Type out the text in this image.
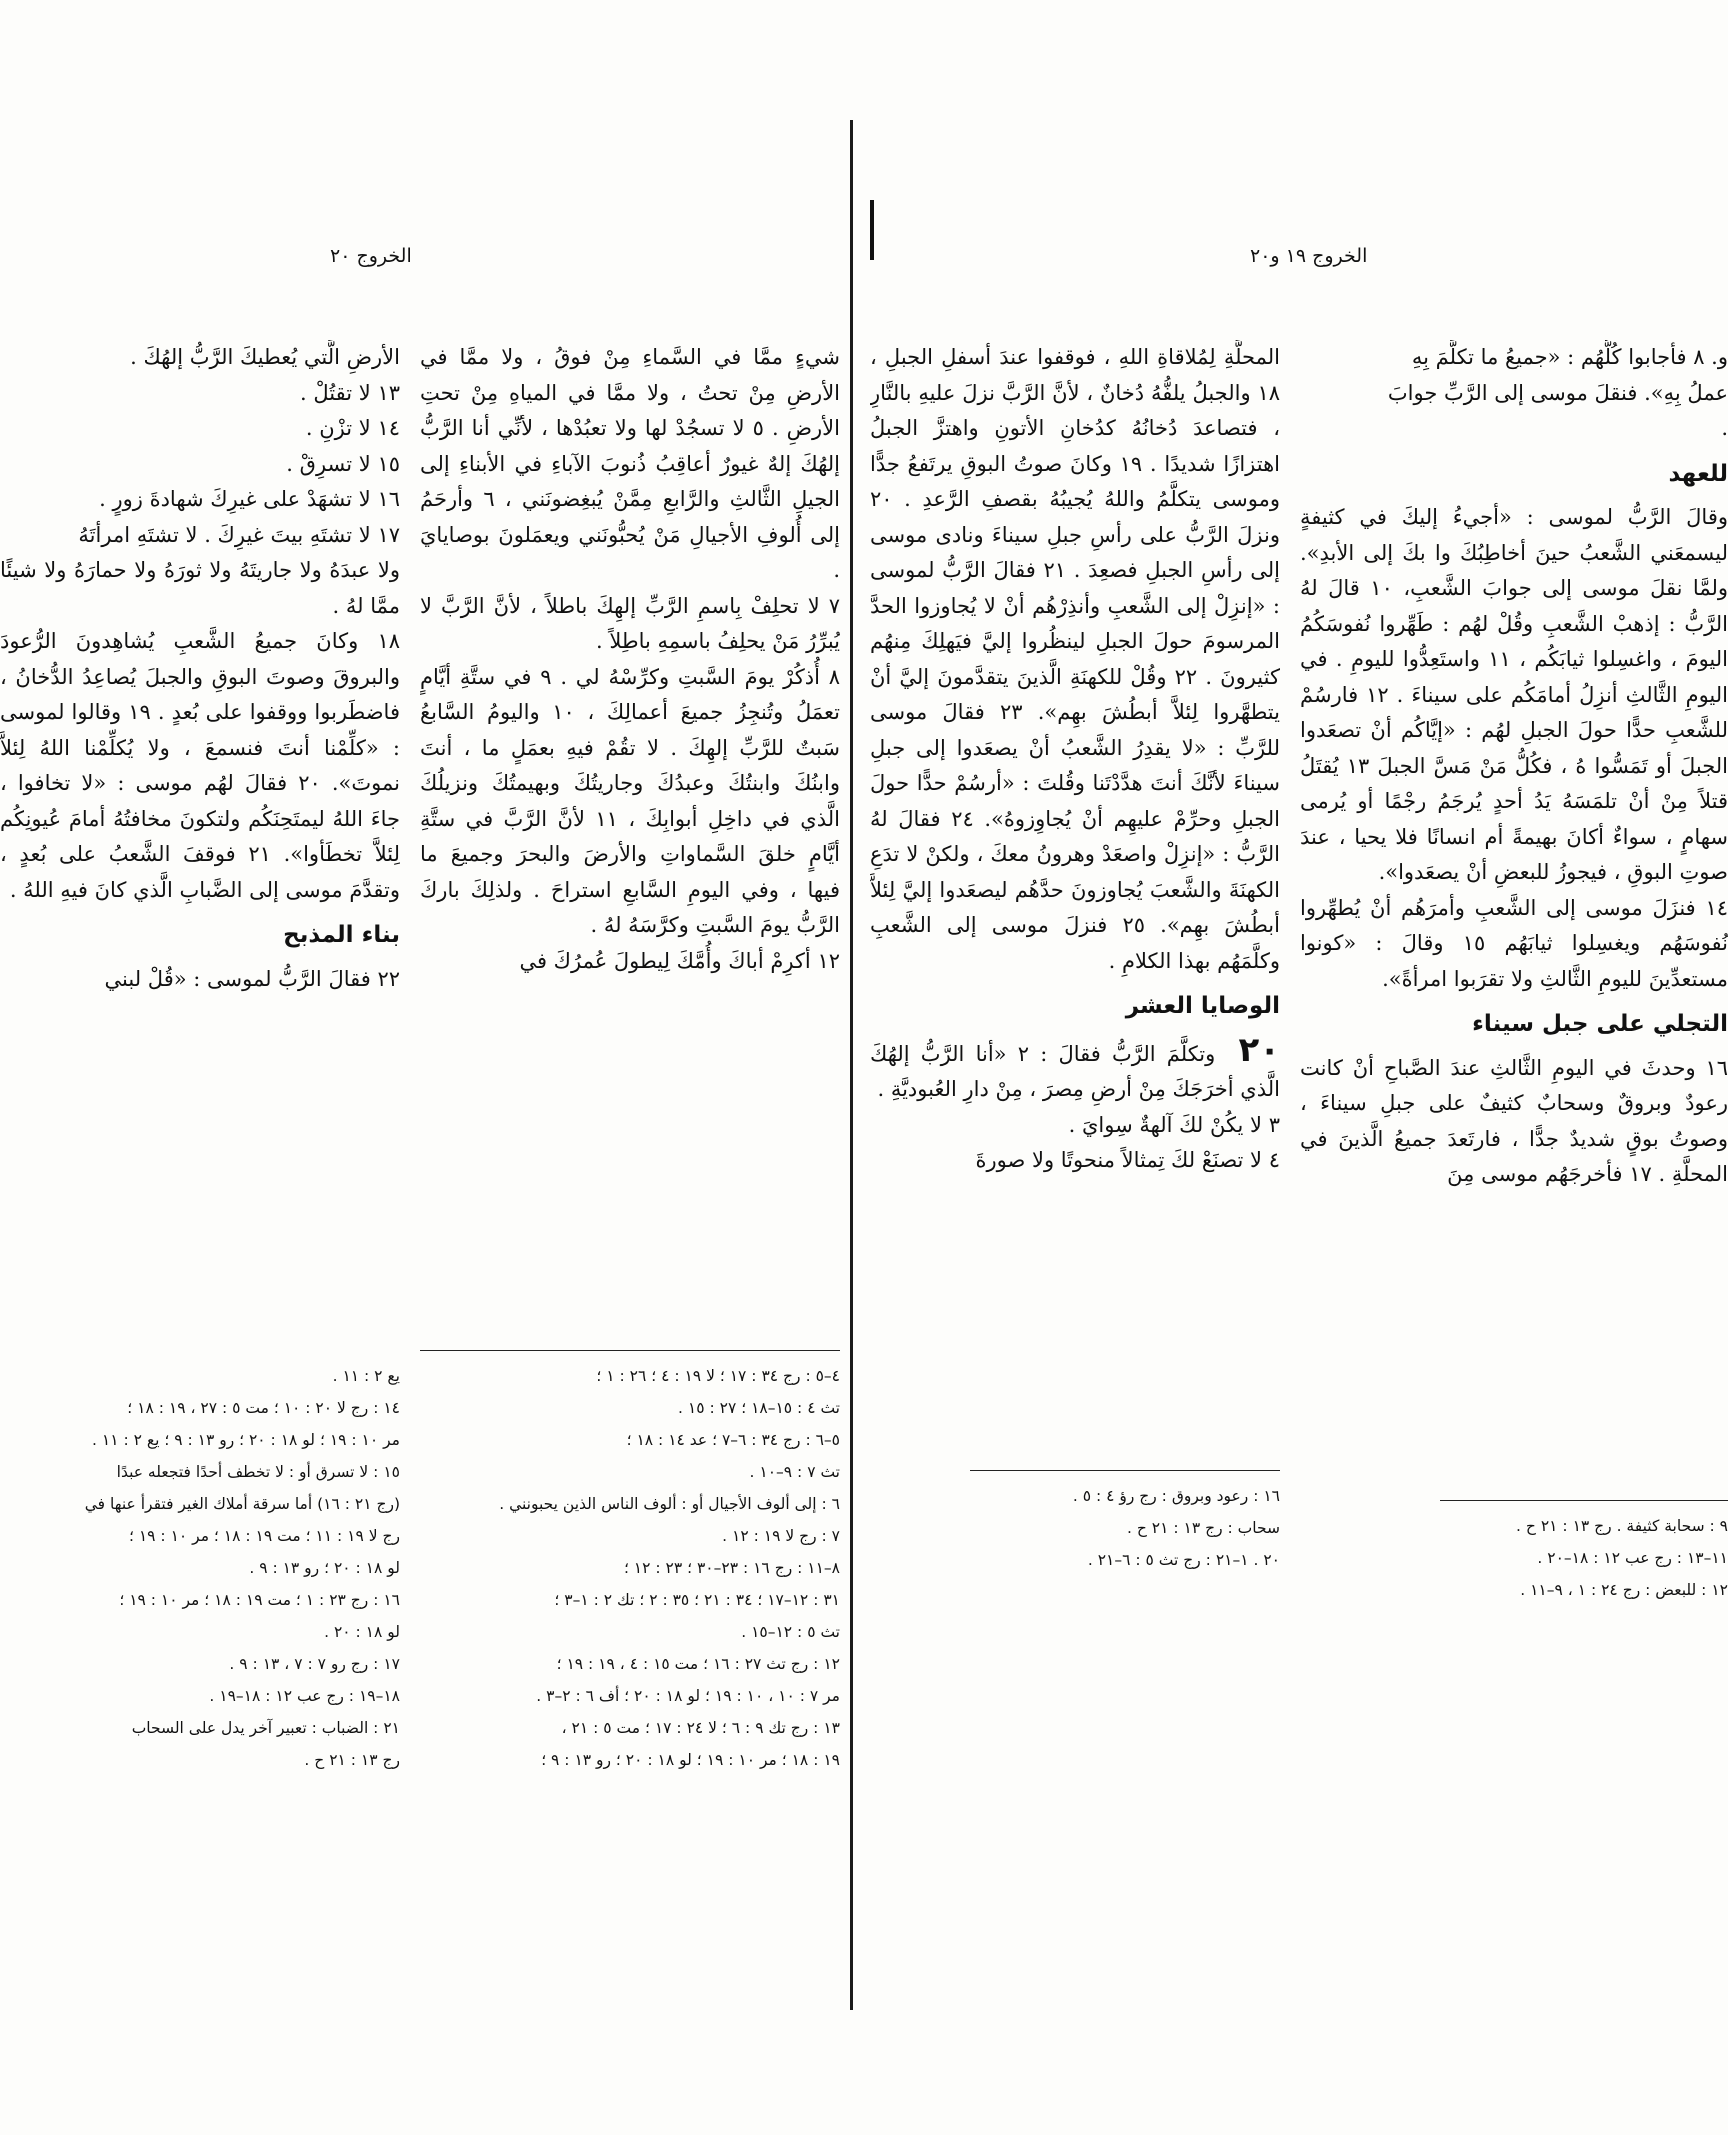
الخروج ١٩ و٢٠

و. ٨ فأجابوا كُلُّهُم : «جميعُ ما تكلَّمَ بِهِ

عملُ بِهِ». فنقلَ موسى إلى الرَّبِّ جوابَ

.

للعهد

وقالَ الرَّبُّ لموسى : «أجيءُ إليكَ في كثيفةٍ ليسمعَني الشَّعبُ حينَ أخاطِبُكَ وا بكَ إلى الأبدِ». ولمَّا نقلَ موسى إلى جوابَ الشَّعبِ، ١٠ قالَ لهُ الرَّبُّ : إذهبْ الشَّعبِ وقُلْ لهُم : طَهِّروا نُفوسَكُمُ اليومَ ، واغسِلوا ثيابَكُم ، ١١ واستَعِدُّوا لليومِ . في اليومِ الثَّالثِ أنزِلُ أمامَكُم على سيناءَ . ١٢ فارسُمْ للشَّعبِ حدًّا حولَ الجبلِ لهُم : «إيَّاكُم أنْ تصعَدوا الجبلَ أو تَمَسُّوا هُ ، فكُلُّ مَنْ مَسَّ الجبلَ ١٣ يُقتَلُ قتلاً مِنْ أنْ تلمَسَهُ يَدُ أحدٍ يُرجَمُ رجْمًا أو يُرمى سهامٍ ، سواءٌ أكانَ بهيمةً أم انسانًا فلا يحيا ، عندَ صوتِ البوقِ ، فيجوزُ للبعضِ أنْ يصعَدوا».

١٤ فنزَلَ موسى إلى الشَّعبِ وأمرَهُم أنْ يُطهِّروا نُفوسَهُم ويغسِلوا ثيابَهُم ١٥ وقالَ : «كونوا مستعدِّينَ لليومِ الثَّالثِ ولا تقرَبوا امرأةً».

التجلي على جبل سيناء

١٦ وحدثَ في اليومِ الثَّالثِ عندَ الصَّباحِ أنْ كانت رعودٌ وبروقٌ وسحابٌ كثيفٌ على جبلِ سيناءَ ، وصوتُ بوقٍ شديدٌ جدًّا ، فارتَعدَ جميعُ الَّذينَ في المحلَّةِ . ١٧ فأخرجَهُم موسى مِنَ

٩ : سحابة كثيفة . رج ١٣ : ٢١ ح .
١١–١٣ : رج عب ١٢ : ١٨–٢٠ .
١٢ : للبعض : رج ٢٤ : ١ ، ٩–١١ .

المحلَّةِ لِمُلاقاةِ اللهِ ، فوقفوا عندَ أسفلِ الجبلِ ، ١٨ والجبلُ يلفُّهُ دُخانٌ ، لأنَّ الرَّبَّ نزلَ عليهِ بالنَّارِ ، فتصاعدَ دُخانُهُ كدُخانِ الأتونِ واهتزَّ الجبلُ اهتزازًا شديدًا . ١٩ وكانَ صوتُ البوقِ يرتَفعُ جدًّا وموسى يتكلَّمُ واللهُ يُجيبُهُ بقصفِ الرَّعدِ . ٢٠ ونزلَ الرَّبُّ على رأسِ جبلِ سيناءَ ونادى موسى إلى رأسِ الجبلِ فصعِدَ . ٢١ فقالَ الرَّبُّ لموسى : «إنزِلْ إلى الشَّعبِ وأنذِرْهُم أنْ لا يُجاوزوا الحدَّ المرسومَ حولَ الجبلِ لينظُروا إليَّ فيَهلِكَ مِنهُم كثيرونَ . ٢٢ وقُلْ للكهنَةِ الَّذينَ يتقدَّمونَ إليَّ أنْ يتطهَّروا لِئلاَّ أبطُشَ بهِم». ٢٣ فقالَ موسى للرَّبِّ : «لا يقدِرُ الشَّعبُ أنْ يصعَدوا إلى جبلِ سيناءَ لأنَّكَ أنتَ هدَّدْتَنا وقُلتَ : «أرسُمْ حدًّا حولَ الجبلِ وحرِّمْ عليهِم أنْ يُجاوِزوهُ». ٢٤ فقالَ لهُ الرَّبُّ : «إنزِلْ واصعَدْ وهرونُ معكَ ، ولكنْ لا تدَعِ الكهنَةَ والشَّعبَ يُجاوزونَ حدَّهُم ليصعَدوا إليَّ لِئلاَّ أبطُشَ بهِم». ٢٥ فنزلَ موسى إلى الشَّعبِ وكلَّمَهُم بهذا الكلامِ .

الوصايا العشر

٢٠ وتكلَّمَ الرَّبُّ فقالَ : ٢ «أنا الرَّبُّ إلهُكَ الَّذي أخرَجَكَ مِنْ أرضِ مِصرَ ، مِنْ دارِ العُبوديَّةِ .

٣ لا يكُنْ لكَ آلهةٌ سِوايَ .

٤ لا تصنَعْ لكَ تِمثالاً منحوتًا ولا صورةَ

١٦ : رعود وبروق : رج رؤ ٤ : ٥ .
سحاب : رج ١٣ : ٢١ ح .
٢٠ . ١–٢١ : رج تث ٥ : ٦–٢١ .
الخروج ٢٠

شيءٍ ممَّا في السَّماءِ مِنْ فوقُ ، ولا ممَّا في الأرضِ مِنْ تحتُ ، ولا ممَّا في المياهِ مِنْ تحتِ الأرضِ . ٥ لا تسجُدْ لها ولا تعبُدْها ، لأنِّي أنا الرَّبُّ إلهُكَ إلهٌ غيورٌ أعاقِبُ ذُنوبَ الآباءِ في الأبناءِ إلى الجيلِ الثَّالثِ والرَّابعِ مِمَّنْ يُبغِضونَني ، ٦ وأرحَمُ إلى أُلوفِ الأجيالِ مَنْ يُحبُّونَني ويعمَلونَ بوصايايَ .

٧ لا تحلِفْ بِاسمِ الرَّبِّ إلهِكَ باطلاً ، لأنَّ الرَّبَّ لا يُبرِّرُ مَنْ يحلِفُ باسمِهِ باطِلاً .

٨ أُذكُرْ يومَ السَّبتِ وكرِّسْهُ لي . ٩ في ستَّةِ أيَّامٍ تعمَلُ وتُنجِزُ جميعَ أعمالِكَ ، ١٠ واليومُ السَّابعُ سَبتٌ للرَّبِّ إلهِكَ . لا تقُمْ فيهِ بعمَلٍ ما ، أنتَ وابنُكَ وابنتُكَ وعبدُكَ وجاريتُكَ وبهيمتُكَ ونزيلُكَ الَّذي في داخِلِ أبوابِكَ ، ١١ لأنَّ الرَّبَّ في ستَّةِ أيَّامٍ خلقَ السَّماواتِ والأرضَ والبحرَ وجميعَ ما فيها ، وفي اليومِ السَّابعِ استراحَ . ولذلِكَ باركَ الرَّبُّ يومَ السَّبتِ وكرَّسَهُ لهُ .

١٢ أكرِمْ أباكَ وأُمَّكَ لِيطولَ عُمرُكَ في

٤–٥ : رج ٣٤ : ١٧ ؛ لا ١٩ : ٤ ؛ ٢٦ : ١ ؛
تث ٤ : ١٥–١٨ ؛ ٢٧ : ١٥ .
٥–٦ : رج ٣٤ : ٦–٧ ؛ عد ١٤ : ١٨ ؛
تث ٧ : ٩–١٠ .
٦ : إلى ألوف الأجيال أو : ألوف الناس الذين يحبونني .
٧ : رج لا ١٩ : ١٢ .
٨–١١ : رج ١٦ : ٢٣–٣٠ ؛ ٢٣ : ١٢ ؛
٣١ : ١٢–١٧ ؛ ٣٤ : ٢١ ؛ ٣٥ : ٢ ؛ تك ٢ : ١–٣ ؛
تث ٥ : ١٢–١٥ .
١٢ : رج تث ٢٧ : ١٦ ؛ مت ١٥ : ٤ ، ١٩ : ١٩ ؛
مر ٧ : ١٠ ، ١٠ : ١٩ ؛ لو ١٨ : ٢٠ ؛ أف ٦ : ٢–٣ .
١٣ : رج تك ٩ : ٦ ؛ لا ٢٤ : ١٧ ؛ مت ٥ : ٢١ ،
١٩ : ١٨ ؛ مر ١٠ : ١٩ ؛ لو ١٨ : ٢٠ ؛ رو ١٣ : ٩ ؛

الأرضِ الَّتي يُعطيكَ الرَّبُّ إلهُكَ .

١٣ لا تقتُلْ .

١٤ لا تزْنِ .

١٥ لا تسرِقْ .

١٦ لا تشهَدْ على غيرِكَ شهادةَ زورٍ .

١٧ لا تشتَهِ بيتَ غيرِكَ . لا تشتَهِ امرأتَهُ

ولا عبدَهُ ولا جاريتَهُ ولا ثورَهُ ولا حمارَهُ ولا شيئًا ممَّا لهُ .

١٨ وكانَ جميعُ الشَّعبِ يُشاهِدونَ الرُّعودَ والبروقَ وصوتَ البوقِ والجبلَ يُصاعِدُ الدُّخانُ ، فاضطَربوا ووقفوا على بُعدٍ . ١٩ وقالوا لموسى : «كلِّمْنا أنتَ فنسمعَ ، ولا يُكلِّمْنا اللهُ لِئلاَّ نموتَ». ٢٠ فقالَ لهُم موسى : «لا تخافوا ، جاءَ اللهُ ليمتَحِنَكُم ولتكونَ مخافتُهُ أمامَ عُيونِكُم لِئلاَّ تخطَأوا». ٢١ فوقفَ الشَّعبُ على بُعدٍ ، وتقدَّمَ موسى إلى الضَّبابِ الَّذي كانَ فيهِ اللهُ .

بناء المذبح

٢٢ فقالَ الرَّبُّ لموسى : «قُلْ لبني

يع ٢ : ١١ .
١٤ : رج لا ٢٠ : ١٠ ؛ مت ٥ : ٢٧ ، ١٩ : ١٨ ؛
مر ١٠ : ١٩ ؛ لو ١٨ : ٢٠ ؛ رو ١٣ : ٩ ؛ يع ٢ : ١١ .
١٥ : لا تسرق أو : لا تخطف أحدًا فتجعله عبدًا
(رج ٢١ : ١٦) أما سرقة أملاك الغير فتقرأ عنها في
رج لا ١٩ : ١١ ؛ مت ١٩ : ١٨ ؛ مر ١٠ : ١٩ ؛
لو ١٨ : ٢٠ ؛ رو ١٣ : ٩ .
١٦ : رج ٢٣ : ١ ؛ مت ١٩ : ١٨ ؛ مر ١٠ : ١٩ ؛
لو ١٨ : ٢٠ .
١٧ : رج رو ٧ : ٧ ، ١٣ : ٩ .
١٨–١٩ : رج عب ١٢ : ١٨–١٩ .
٢١ : الضباب : تعبير آخر يدل على السحاب
رج ١٣ : ٢١ ح .
